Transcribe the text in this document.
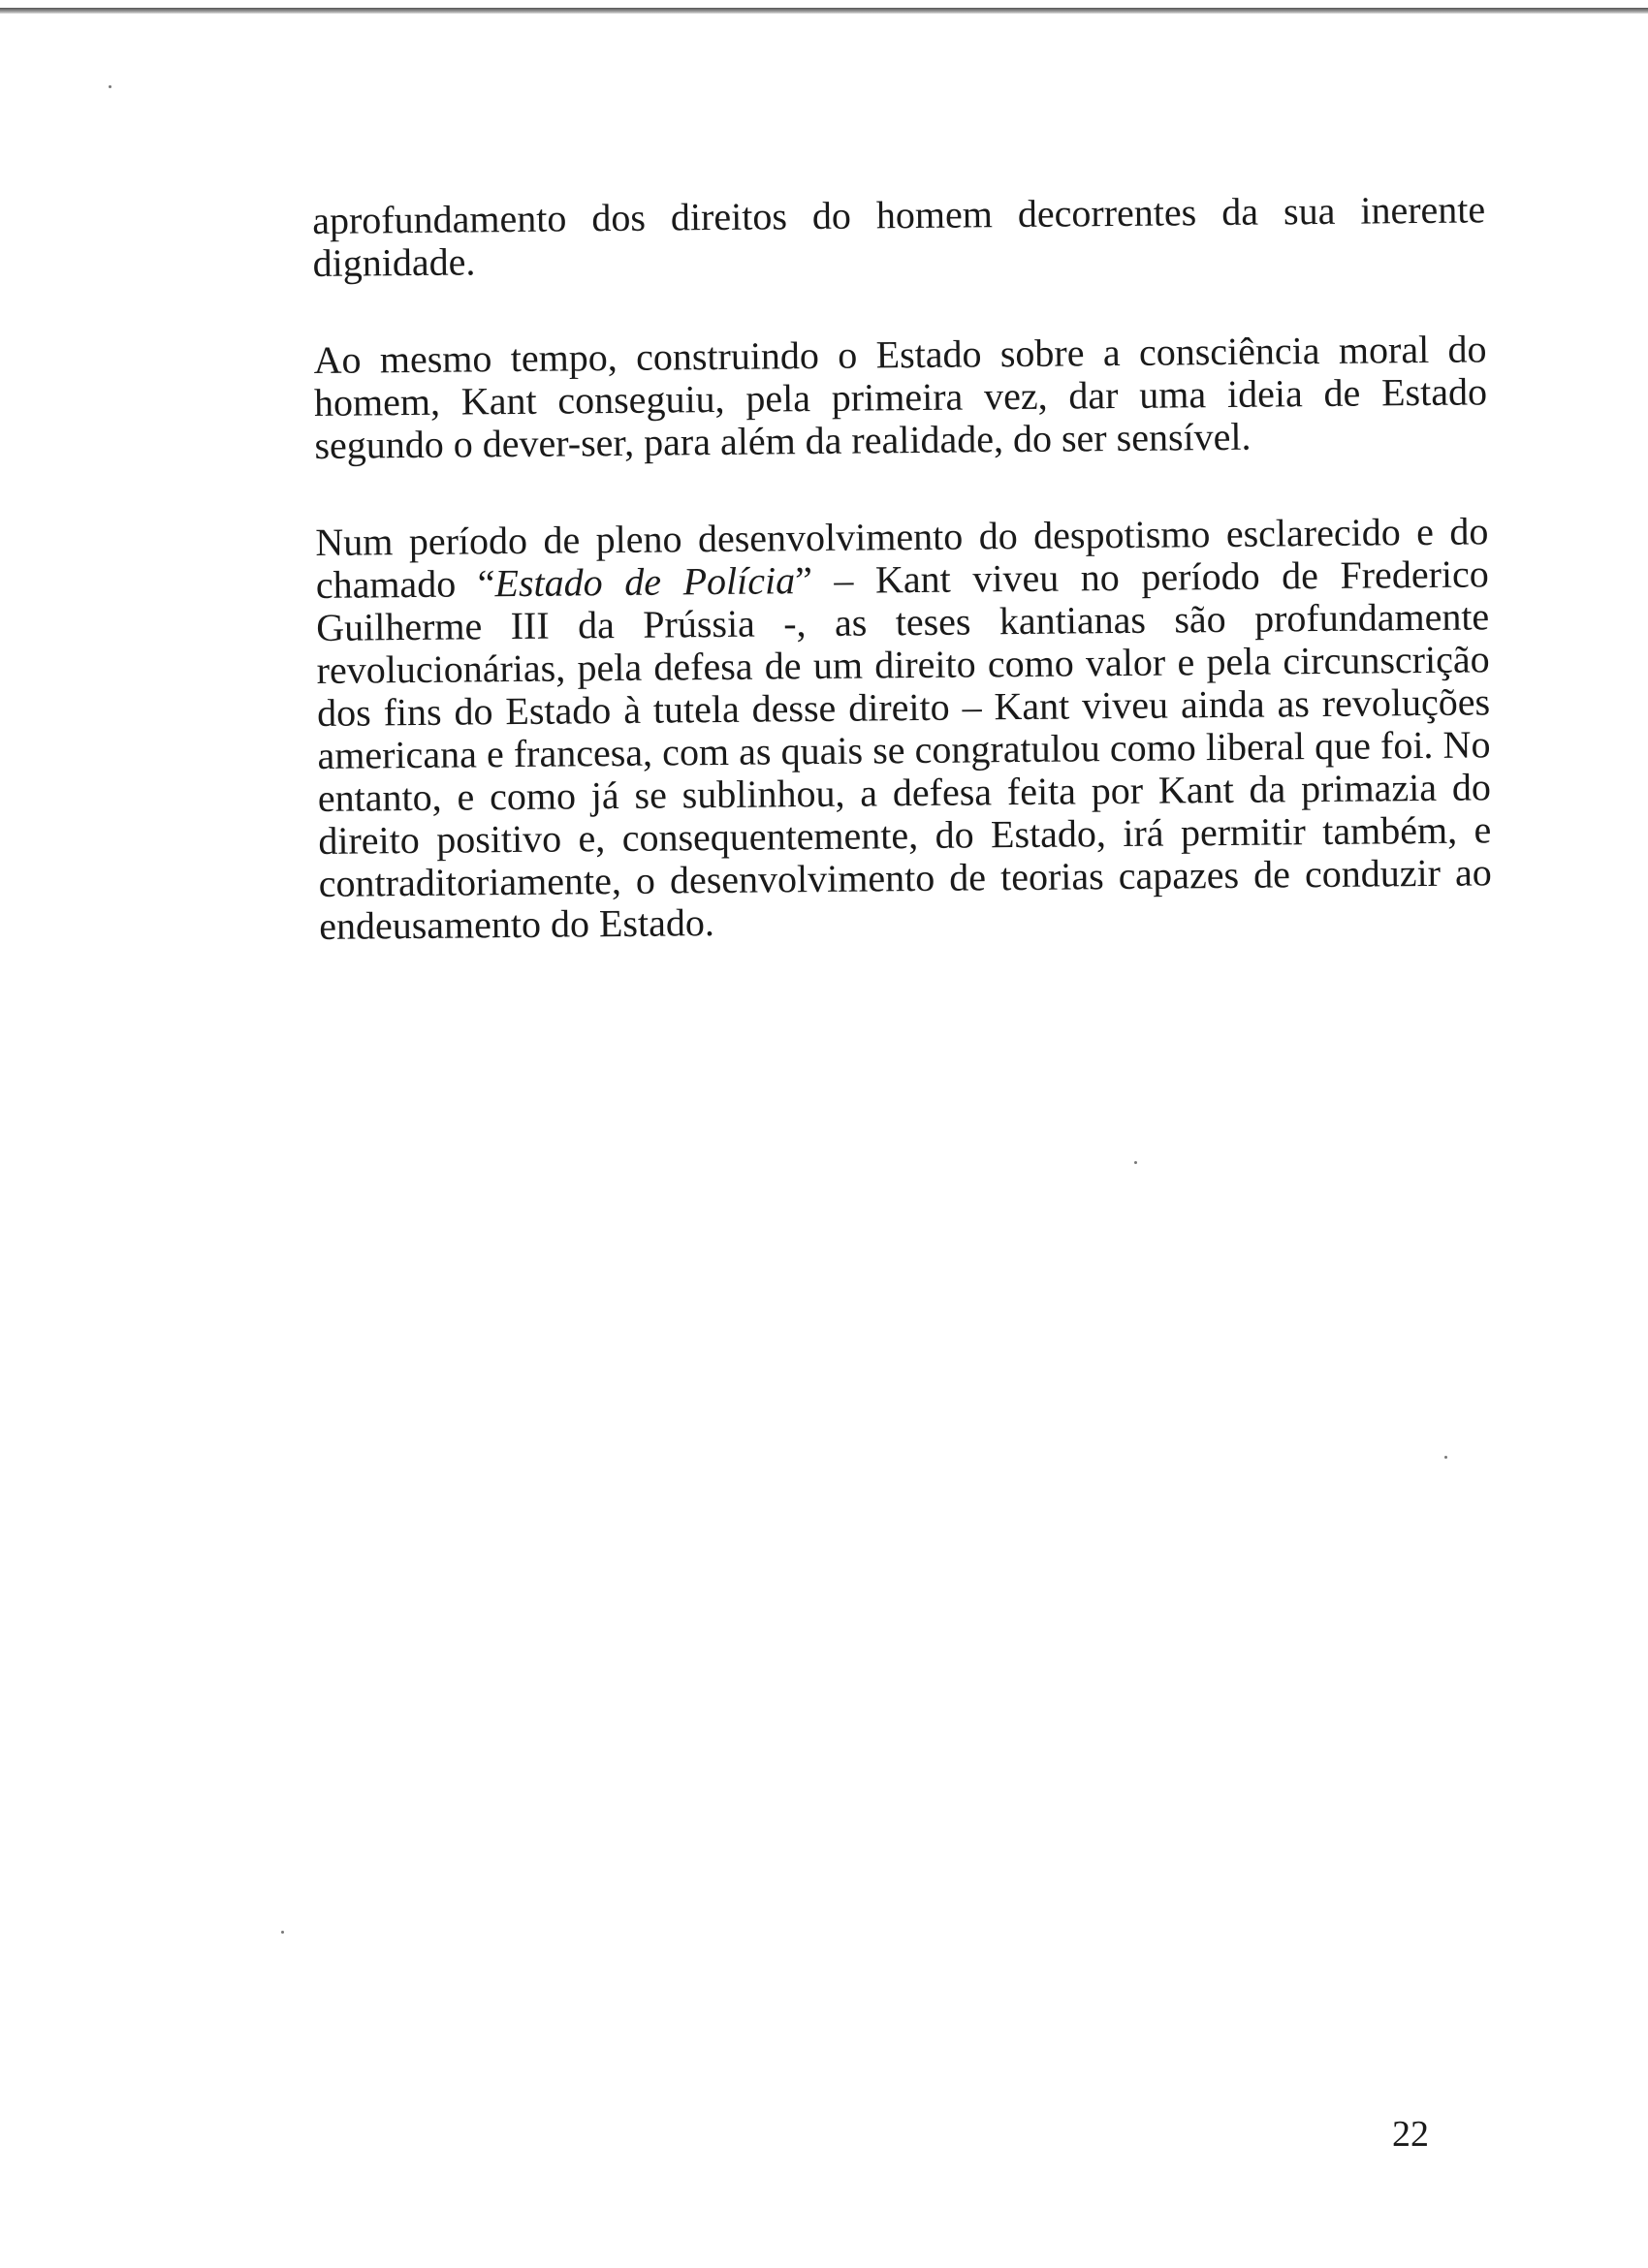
aprofundamento dos direitos do homem decorrentes da sua inerente dignidade.

Ao mesmo tempo, construindo o Estado sobre a consciência moral do homem, Kant conseguiu, pela primeira vez, dar uma ideia de Estado segundo o dever-ser, para além da realidade, do ser sensível.

Num período de pleno desenvolvimento do despotismo esclarecido e do chamado “Estado de Polícia” – Kant viveu no período de Frederico Guilherme III da Prússia -, as teses kantianas são profundamente revolucionárias, pela defesa de um direito como valor e pela circunscrição dos fins do Estado à tutela desse direito – Kant viveu ainda as revoluções americana e francesa, com as quais se congratulou como liberal que foi. No entanto, e como já se sublinhou, a defesa feita por Kant da primazia do direito positivo e, consequentemente, do Estado, irá permitir também, e contraditoriamente, o desenvolvimento de teorias capazes de conduzir ao endeusamento do Estado.

22
